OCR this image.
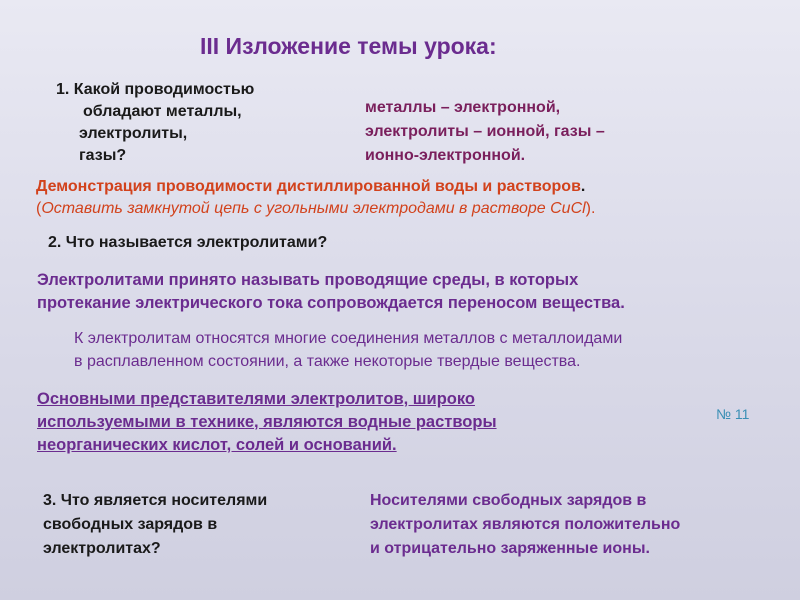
III Изложение темы урока:
1. Какой проводимостью
обладают металлы,
электролиты,
газы?
металлы – электронной,
электролиты – ионной, газы –
ионно-электронной.
Демонстрация проводимости дистиллированной воды и растворов.
(Оставить замкнутой цепь с угольными электродами в растворе CuCl).
2. Что называется электролитами?
Электролитами принято называть проводящие среды, в которых
протекание электрического тока сопровождается переносом вещества.
К электролитам относятся многие соединения металлов с металлоидами
в расплавленном состоянии, а также некоторые твердые вещества.
Основными представителями электролитов, широко
используемыми в технике, являются водные растворы
неорганических кислот, солей и оснований.
№ 11
3. Что является носителями
свободных зарядов в
электролитах?
Носителями свободных зарядов в
электролитах являются положительно
и отрицательно заряженные ионы.
